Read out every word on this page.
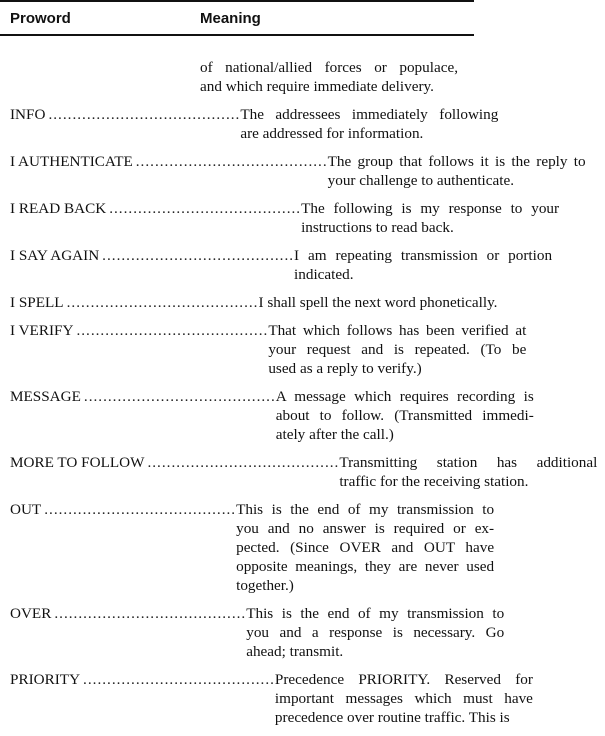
Proword	Meaning
of national/allied forces or populace,
and which require immediate delivery.
INFO ........................................ The addressees immediately following
are addressed for information.
I AUTHENTICATE ........................................ The group that follows it is the reply to
your challenge to authenticate.
I READ BACK ........................................ The following is my response to your
instructions to read back.
I SAY AGAIN ........................................ I am repeating transmission or portion
indicated.
I SPELL ........................................ I shall spell the next word phonetically.
I VERIFY ........................................ That which follows has been verified at
your request and is repeated. (To be
used as a reply to verify.)
MESSAGE ........................................ A message which requires recording is
about to follow. (Transmitted immedi-
ately after the call.)
MORE TO FOLLOW ........................................ Transmitting station has additional
traffic for the receiving station.
OUT ........................................ This is the end of my transmission to
you and no answer is required or ex-
pected. (Since OVER and OUT have
opposite meanings, they are never used
together.)
OVER ........................................ This is the end of my transmission to
you and a response is necessary. Go
ahead; transmit.
PRIORITY ........................................ Precedence PRIORITY. Reserved for
important messages which must have
precedence over routine traffic. This is
